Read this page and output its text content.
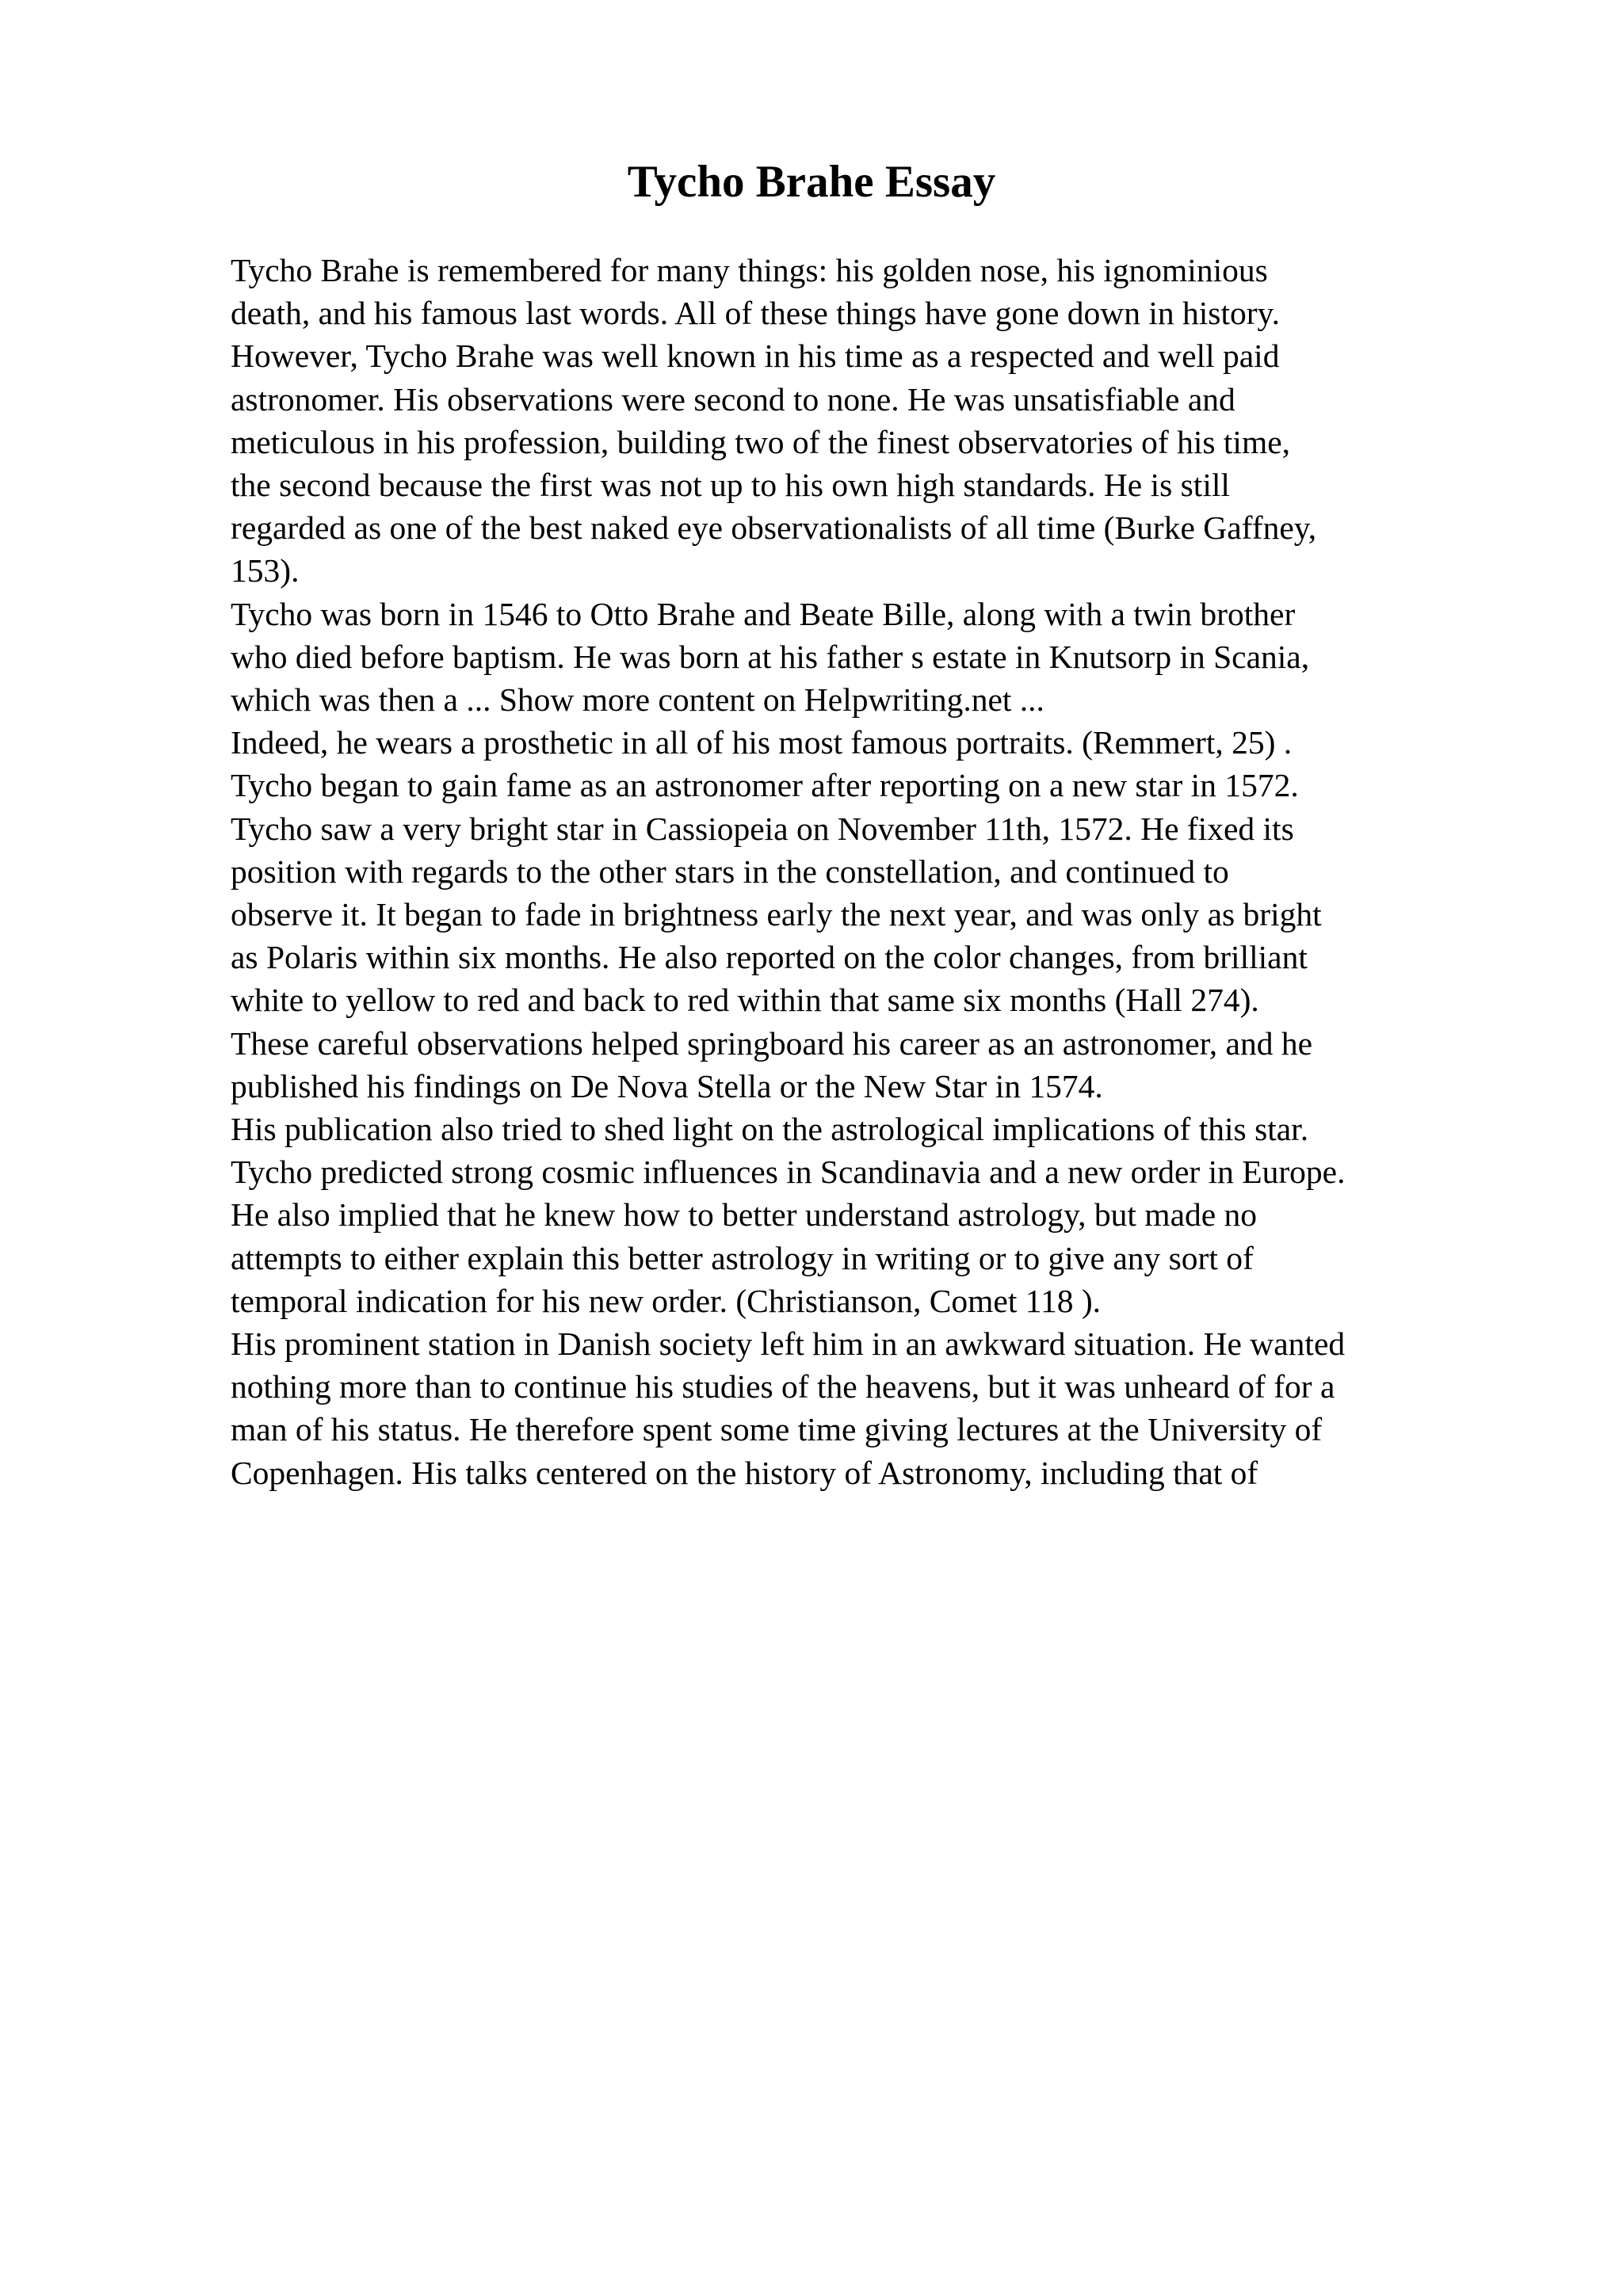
Tycho Brahe Essay
Tycho Brahe is remembered for many things: his golden nose, his ignominious
death, and his famous last words. All of these things have gone down in history.
However, Tycho Brahe was well known in his time as a respected and well paid
astronomer. His observations were second to none. He was unsatisfiable and
meticulous in his profession, building two of the finest observatories of his time,
the second because the first was not up to his own high standards. He is still
regarded as one of the best naked eye observationalists of all time (Burke Gaffney,
153).
Tycho was born in 1546 to Otto Brahe and Beate Bille, along with a twin brother
who died before baptism. He was born at his father s estate in Knutsorp in Scania,
which was then a ... Show more content on Helpwriting.net ...
Indeed, he wears a prosthetic in all of his most famous portraits. (Remmert, 25) .
Tycho began to gain fame as an astronomer after reporting on a new star in 1572.
Tycho saw a very bright star in Cassiopeia on November 11th, 1572. He fixed its
position with regards to the other stars in the constellation, and continued to
observe it. It began to fade in brightness early the next year, and was only as bright
as Polaris within six months. He also reported on the color changes, from brilliant
white to yellow to red and back to red within that same six months (Hall 274).
These careful observations helped springboard his career as an astronomer, and he
published his findings on De Nova Stella or the New Star in 1574.
His publication also tried to shed light on the astrological implications of this star.
Tycho predicted strong cosmic influences in Scandinavia and a new order in Europe.
He also implied that he knew how to better understand astrology, but made no
attempts to either explain this better astrology in writing or to give any sort of
temporal indication for his new order. (Christianson, Comet 118 ).
His prominent station in Danish society left him in an awkward situation. He wanted
nothing more than to continue his studies of the heavens, but it was unheard of for a
man of his status. He therefore spent some time giving lectures at the University of
Copenhagen. His talks centered on the history of Astronomy, including that of
